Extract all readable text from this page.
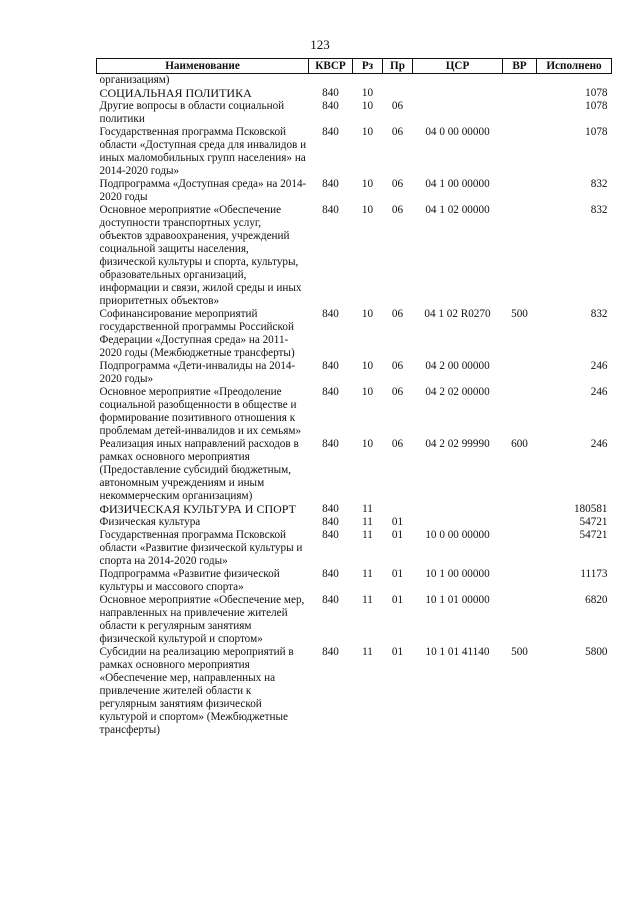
123
Наименование	КВСР	Рз	Пр	ЦСР	ВР	Исполнено
организациям)						
СОЦИАЛЬНАЯ ПОЛИТИКА	840	10				1078
Другие вопросы в области социальной политики	840	10	06			1078
Государственная программа Псковской области «Доступная среда для инвалидов и иных маломобильных групп населения» на 2014-2020 годы»	840	10	06	04 0 00 00000		1078
Подпрограмма «Доступная среда» на 2014-2020 годы	840	10	06	04 1 00 00000		832
Основное мероприятие «Обеспечение доступности транспортных услуг, объектов здравоохранения, учреждений социальной защиты населения, физической культуры и спорта, культуры, образовательных организаций, информации и связи, жилой среды и иных приоритетных объектов»	840	10	06	04 1 02 00000		832
Софинансирование мероприятий государственной программы Российской Федерации «Доступная среда» на 2011-2020 годы (Межбюджетные трансферты)	840	10	06	04 1 02 R0270	500	832
Подпрограмма «Дети-инвалиды на 2014-2020 годы»	840	10	06	04 2 00 00000		246
Основное мероприятие «Преодоление социальной разобщенности в обществе и формирование позитивного отношения к проблемам детей-инвалидов и их семьям»	840	10	06	04 2 02 00000		246
Реализация иных направлений расходов в рамках основного мероприятия (Предоставление субсидий бюджетным, автономным учреждениям и иным некоммерческим организациям)	840	10	06	04 2 02 99990	600	246
ФИЗИЧЕСКАЯ КУЛЬТУРА И СПОРТ	840	11				180581
Физическая культура	840	11	01			54721
Государственная программа Псковской области «Развитие физической культуры и спорта на 2014-2020 годы»	840	11	01	10 0 00 00000		54721
Подпрограмма «Развитие физической культуры и массового спорта»	840	11	01	10 1 00 00000		11173
Основное мероприятие «Обеспечение мер, направленных на привлечение жителей области к регулярным занятиям физической культурой и спортом»	840	11	01	10 1 01 00000		6820
Субсидии на реализацию мероприятий в рамках основного мероприятия «Обеспечение мер, направленных на привлечение жителей области к регулярным занятиям физической культурой и спортом» (Межбюджетные трансферты)	840	11	01	10 1 01 41140	500	5800
